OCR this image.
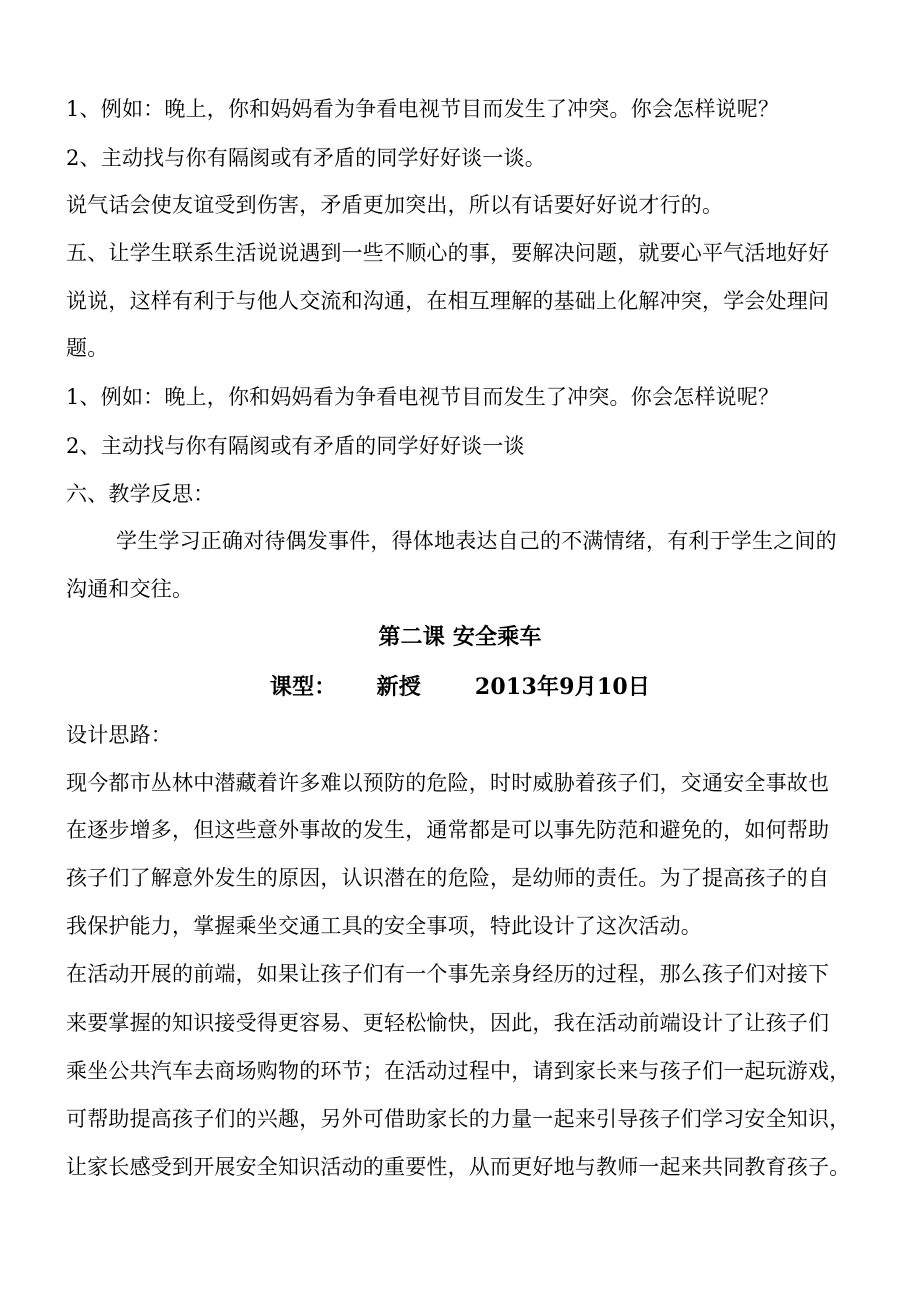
1、例如：晚上，你和妈妈看为争看电视节目而发生了冲突。你会怎样说呢？
2、主动找与你有隔阂或有矛盾的同学好好谈一谈。
说气话会使友谊受到伤害，矛盾更加突出，所以有话要好好说才行的。
五、让学生联系生活说说遇到一些不顺心的事，要解决问题，就要心平气活地好好
说说，这样有利于与他人交流和沟通，在相互理解的基础上化解冲突，学会处理问
题。
1、例如：晚上，你和妈妈看为争看电视节目而发生了冲突。你会怎样说呢？
2、主动找与你有隔阂或有矛盾的同学好好谈一谈
六、教学反思：
学生学习正确对待偶发事件，得体地表达自己的不满情绪，有利于学生之间的
沟通和交往。
第二课 安全乘车
课型： 新授 2013年9月10日
设计思路：
现今都市丛林中潜藏着许多难以预防的危险，时时威胁着孩子们，交通安全事故也
在逐步增多，但这些意外事故的发生，通常都是可以事先防范和避免的，如何帮助
孩子们了解意外发生的原因，认识潜在的危险，是幼师的责任。为了提高孩子的自
我保护能力，掌握乘坐交通工具的安全事项，特此设计了这次活动。
在活动开展的前端，如果让孩子们有一个事先亲身经历的过程，那么孩子们对接下
来要掌握的知识接受得更容易、更轻松愉快，因此，我在活动前端设计了让孩子们
乘坐公共汽车去商场购物的环节；在活动过程中，请到家长来与孩子们一起玩游戏，
可帮助提高孩子们的兴趣，另外可借助家长的力量一起来引导孩子们学习安全知识，
让家长感受到开展安全知识活动的重要性，从而更好地与教师一起来共同教育孩子。
